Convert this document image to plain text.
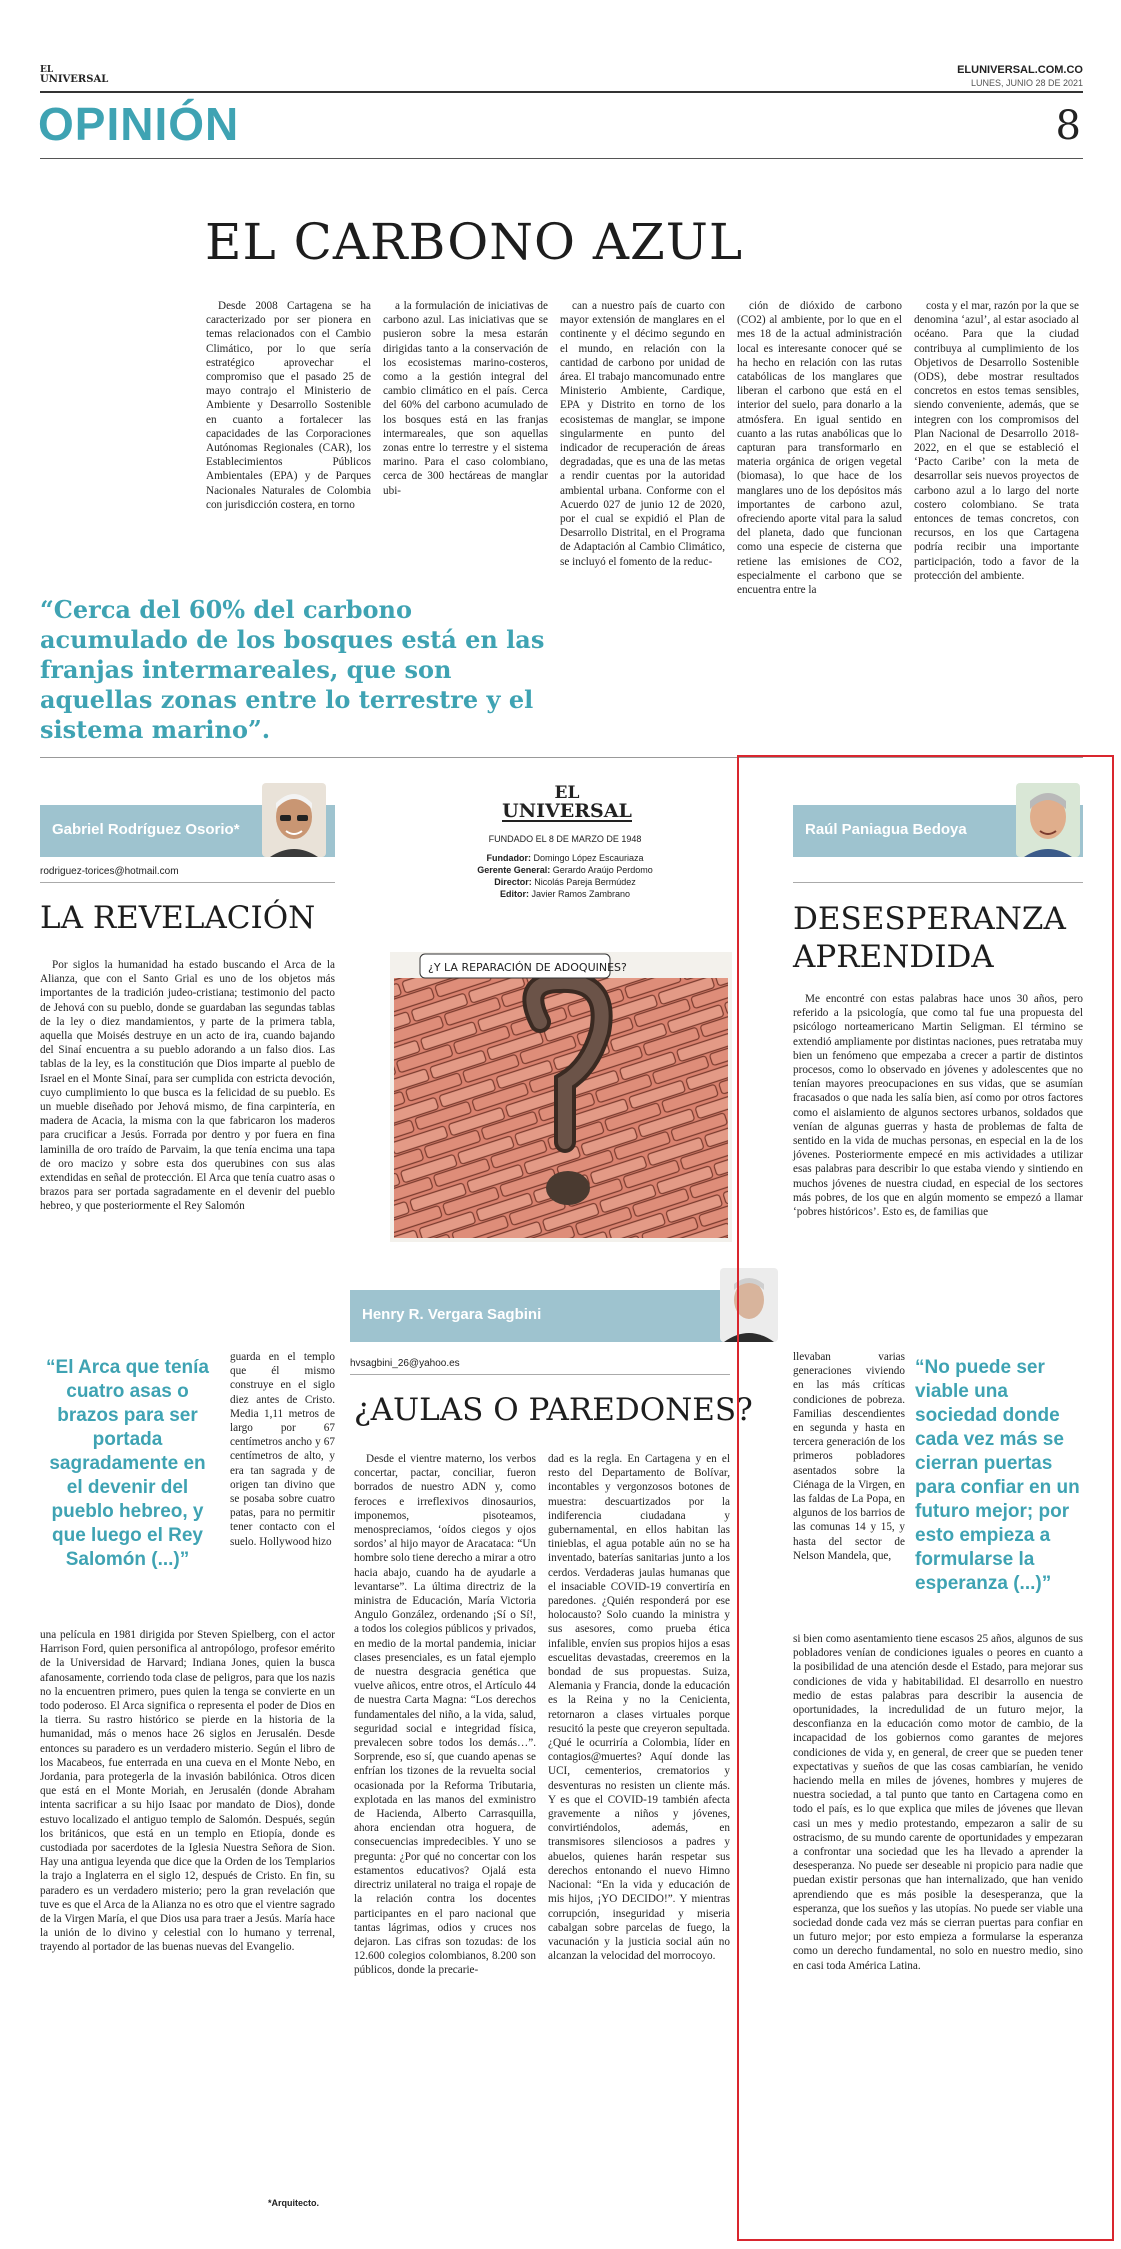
EL
UNIVERSAL
ELUNIVERSAL.COM.CO
LUNES, JUNIO 28 DE 2021
OPINIÓN	8
EL CARBONO AZUL

Desde 2008 Cartagena se ha caracterizado por ser pionera en temas relacionados con el Cambio Climático, por lo que sería estratégico aprovechar el compromiso que el pasado 25 de mayo contrajo el Ministerio de Ambiente y Desarrollo Sostenible en cuanto a fortalecer las capacidades de las Corporaciones Autónomas Regionales (CAR), los Establecimientos Públicos Ambientales (EPA) y de Parques Nacionales Naturales de Colombia con jurisdicción costera, en torno

a la formulación de iniciativas de carbono azul. Las iniciativas que se pusieron sobre la mesa estarán dirigidas tanto a la conservación de los ecosistemas marino-costeros, como a la gestión integral del cambio climático en el país. Cerca del 60% del carbono acumulado de los bosques está en las franjas intermareales, que son aquellas zonas entre lo terrestre y el sistema marino. Para el caso colombiano, cerca de 300 hectáreas de manglar ubi-

can a nuestro país de cuarto con mayor extensión de manglares en el continente y el décimo segundo en el mundo, en relación con la cantidad de carbono por unidad de área. El trabajo mancomunado entre Ministerio Ambiente, Cardique, EPA y Distrito en torno de los ecosistemas de manglar, se impone singularmente en punto del indicador de recuperación de áreas degradadas, que es una de las metas a rendir cuentas por la autoridad ambiental urbana. Conforme con el Acuerdo 027 de junio 12 de 2020, por el cual se expidió el Plan de Desarrollo Distrital, en el Programa de Adaptación al Cambio Climático, se incluyó el fomento de la reduc-

ción de dióxido de carbono (CO2) al ambiente, por lo que en el mes 18 de la actual administración local es interesante conocer qué se ha hecho en relación con las rutas catabólicas de los manglares que liberan el carbono que está en el interior del suelo, para donarlo a la atmósfera. En igual sentido en cuanto a las rutas anabólicas que lo capturan para transformarlo en materia orgánica de origen vegetal (biomasa), lo que hace de los manglares uno de los depósitos más importantes de carbono azul, ofreciendo aporte vital para la salud del planeta, dado que funcionan como una especie de cisterna que retiene las emisiones de CO2, especialmente el carbono que se encuentra entre la

costa y el mar, razón por la que se denomina ‘azul’, al estar asociado al océano. Para que la ciudad contribuya al cumplimiento de los Objetivos de Desarrollo Sostenible (ODS), debe mostrar resultados concretos en estos temas sensibles, siendo conveniente, además, que se integren con los compromisos del Plan Nacional de Desarrollo 2018-2022, en el que se estableció el ‘Pacto Caribe’ con la meta de desarrollar seis nuevos proyectos de carbono azul a lo largo del norte costero colombiano. Se trata entonces de temas concretos, con recursos, en los que Cartagena podría recibir una importante participación, todo a favor de la protección del ambiente.

“Cerca del 60% del carbono acumulado de los bosques está en las franjas intermareales, que son aquellas zonas entre lo terrestre y el sistema marino”.
Gabriel Rodríguez Osorio*
rodriguez-torices@hotmail.com
LA REVELACIÓN

Por siglos la humanidad ha estado buscando el Arca de la Alianza, que con el Santo Grial es uno de los objetos más importantes de la tradición judeo-cristiana; testimonio del pacto de Jehová con su pueblo, donde se guardaban las segundas tablas de la ley o diez mandamientos, y parte de la primera tabla, aquella que Moisés destruye en un acto de ira, cuando bajando del Sinaí encuentra a su pueblo adorando a un falso dios. Las tablas de la ley, es la constitución que Dios imparte al pueblo de Israel en el Monte Sinaí, para ser cumplida con estricta devoción, cuyo cumplimiento lo que busca es la felicidad de su pueblo. Es un mueble diseñado por Jehová mismo, de fina carpintería, en madera de Acacia, la misma con la que fabricaron los maderos para crucificar a Jesús. Forrada por dentro y por fuera en fina laminilla de oro traído de Parvaim, la que tenía encima una tapa de oro macizo y sobre esta dos querubines con sus alas extendidas en señal de protección. El Arca que tenía cuatro asas o brazos para ser portada sagradamente en el devenir del pueblo hebreo, y que posteriormente el Rey Salomón

“El Arca que tenía cuatro asas o brazos para ser portada sagradamente en el devenir del pueblo hebreo, y que luego el Rey Salomón (...)”

guarda en el templo que él mismo construye en el siglo diez antes de Cristo. Media 1,11 metros de largo por 67 centímetros ancho y 67 centímetros de alto, y era tan sagrada y de origen tan divino que se posaba sobre cuatro patas, para no permitir tener contacto con el suelo. Hollywood hizo

una película en 1981 dirigida por Steven Spielberg, con el actor Harrison Ford, quien personifica al antropólogo, profesor emérito de la Universidad de Harvard; Indiana Jones, quien la busca afanosamente, corriendo toda clase de peligros, para que los nazis no la encuentren primero, pues quien la tenga se convierte en un todo poderoso. El Arca significa o representa el poder de Dios en la tierra. Su rastro histórico se pierde en la historia de la humanidad, más o menos hace 26 siglos en Jerusalén. Desde entonces su paradero es un verdadero misterio. Según el libro de los Macabeos, fue enterrada en una cueva en el Monte Nebo, en Jordania, para protegerla de la invasión babilónica. Otros dicen que está en el Monte Moriah, en Jerusalén (donde Abraham intenta sacrificar a su hijo Isaac por mandato de Dios), donde estuvo localizado el antiguo templo de Salomón. Después, según los británicos, que está en un templo en Etiopía, donde es custodiada por sacerdotes de la Iglesia Nuestra Señora de Sion. Hay una antigua leyenda que dice que la Orden de los Templarios la trajo a Inglaterra en el siglo 12, después de Cristo. En fin, su paradero es un verdadero misterio; pero la gran revelación que tuve es que el Arca de la Alianza no es otro que el vientre sagrado de la Virgen María, el que Dios usa para traer a Jesús. María hace la unión de lo divino y celestial con lo humano y terrenal, trayendo al portador de las buenas nuevas del Evangelio.

*Arquitecto.
EL
UNIVERSAL
FUNDADO EL 8 DE MARZO DE 1948
Fundador: Domingo López Escauriaza
Gerente General: Gerardo Araújo Perdomo
Director: Nicolás Pareja Bermúdez
Editor: Javier Ramos Zambrano
¿Y LA REPARACIÓN DE ADOQUINES?
Henry R. Vergara Sagbini
hvsagbini_26@yahoo.es
¿AULAS O PAREDONES?

Desde el vientre materno, los verbos concertar, pactar, conciliar, fueron borrados de nuestro ADN y, como feroces e irreflexivos dinosaurios, imponemos, pisoteamos, menospreciamos, ‘oídos ciegos y ojos sordos’ al hijo mayor de Aracataca: “Un hombre solo tiene derecho a mirar a otro hacia abajo, cuando ha de ayudarle a levantarse”. La última directriz de la ministra de Educación, María Victoria Angulo González, ordenando ¡Sí o Sí!, a todos los colegios públicos y privados, en medio de la mortal pandemia, iniciar clases presenciales, es un fatal ejemplo de nuestra desgracia genética que vuelve añicos, entre otros, el Artículo 44 de nuestra Carta Magna: “Los derechos fundamentales del niño, a la vida, salud, seguridad social e integridad física, prevalecen sobre todos los demás…”. Sorprende, eso sí, que cuando apenas se enfrían los tizones de la revuelta social ocasionada por la Reforma Tributaria, explotada en las manos del exministro de Hacienda, Alberto Carrasquilla, ahora enciendan otra hoguera, de consecuencias impredecibles. Y uno se pregunta: ¿Por qué no concertar con los estamentos educativos? Ojalá esta directriz unilateral no traiga el ropaje de la relación contra los docentes participantes en el paro nacional que tantas lágrimas, odios y cruces nos dejaron. Las cifras son tozudas: de los 12.600 colegios colombianos, 8.200 son públicos, donde la precarie-

dad es la regla. En Cartagena y en el resto del Departamento de Bolívar, incontables y vergonzosos botones de muestra: descuartizados por la indiferencia ciudadana y gubernamental, en ellos habitan las tinieblas, el agua potable aún no se ha inventado, baterías sanitarias junto a los cerdos. Verdaderas jaulas humanas que el insaciable COVID-19 convertiría en paredones. ¿Quién responderá por ese holocausto? Solo cuando la ministra y sus asesores, como prueba ética infalible, envíen sus propios hijos a esas escuelitas devastadas, creeremos en la bondad de sus propuestas. Suiza, Alemania y Francia, donde la educación es la Reina y no la Cenicienta, retornaron a clases virtuales porque resucitó la peste que creyeron sepultada. ¿Qué le ocurriría a Colombia, líder en contagios@muertes? Aquí donde las UCI, cementerios, crematorios y desventuras no resisten un cliente más. Y es que el COVID-19 también afecta gravemente a niños y jóvenes, convirtiéndolos, además, en transmisores silenciosos a padres y abuelos, quienes harán respetar sus derechos entonando el nuevo Himno Nacional: “En la vida y educación de mis hijos, ¡YO DECIDO!”. Y mientras corrupción, inseguridad y miseria cabalgan sobre parcelas de fuego, la vacunación y la justicia social aún no alcanzan la velocidad del morrocoyo.

Raúl Paniagua Bedoya
DESESPERANZA
APRENDIDA

Me encontré con estas palabras hace unos 30 años, pero referido a la psicología, que como tal fue una propuesta del psicólogo norteamericano Martin Seligman. El término se extendió ampliamente por distintas naciones, pues retrataba muy bien un fenómeno que empezaba a crecer a partir de distintos procesos, como lo observado en jóvenes y adolescentes que no tenían mayores preocupaciones en sus vidas, que se asumían fracasados o que nada les salía bien, así como por otros factores como el aislamiento de algunos sectores urbanos, soldados que venían de algunas guerras y hasta de problemas de falta de sentido en la vida de muchas personas, en especial en la de los jóvenes. Posteriormente empecé en mis actividades a utilizar esas palabras para describir lo que estaba viendo y sintiendo en muchos jóvenes de nuestra ciudad, en especial de los sectores más pobres, de los que en algún momento se empezó a llamar ‘pobres históricos’. Esto es, de familias que

llevaban varias generaciones viviendo en las más críticas condiciones de pobreza. Familias descendientes en segunda y hasta en tercera generación de los primeros pobladores asentados sobre la Ciénaga de la Virgen, en las faldas de La Popa, en algunos de los barrios de las comunas 14 y 15, y hasta del sector de Nelson Mandela, que,

“No puede ser viable una sociedad donde cada vez más se cierran puertas para confiar en un futuro mejor; por esto empieza a formularse la esperanza (...)”

si bien como asentamiento tiene escasos 25 años, algunos de sus pobladores venían de condiciones iguales o peores en cuanto a la posibilidad de una atención desde el Estado, para mejorar sus condiciones de vida y habitabilidad. El desarrollo en nuestro medio de estas palabras para describir la ausencia de oportunidades, la incredulidad de un futuro mejor, la desconfianza en la educación como motor de cambio, de la incapacidad de los gobiernos como garantes de mejores condiciones de vida y, en general, de creer que se pueden tener expectativas y sueños de que las cosas cambiarían, he venido haciendo mella en miles de jóvenes, hombres y mujeres de nuestra sociedad, a tal punto que tanto en Cartagena como en todo el país, es lo que explica que miles de jóvenes que llevan casi un mes y medio protestando, empezaron a salir de su ostracismo, de su mundo carente de oportunidades y empezaran a confrontar una sociedad que les ha llevado a aprender la desesperanza. No puede ser deseable ni propicio para nadie que puedan existir personas que han internalizado, que han venido aprendiendo que es más posible la desesperanza, que la esperanza, que los sueños y las utopías. No puede ser viable una sociedad donde cada vez más se cierran puertas para confiar en un futuro mejor; por esto empieza a formularse la esperanza como un derecho fundamental, no solo en nuestro medio, sino en casi toda América Latina.
